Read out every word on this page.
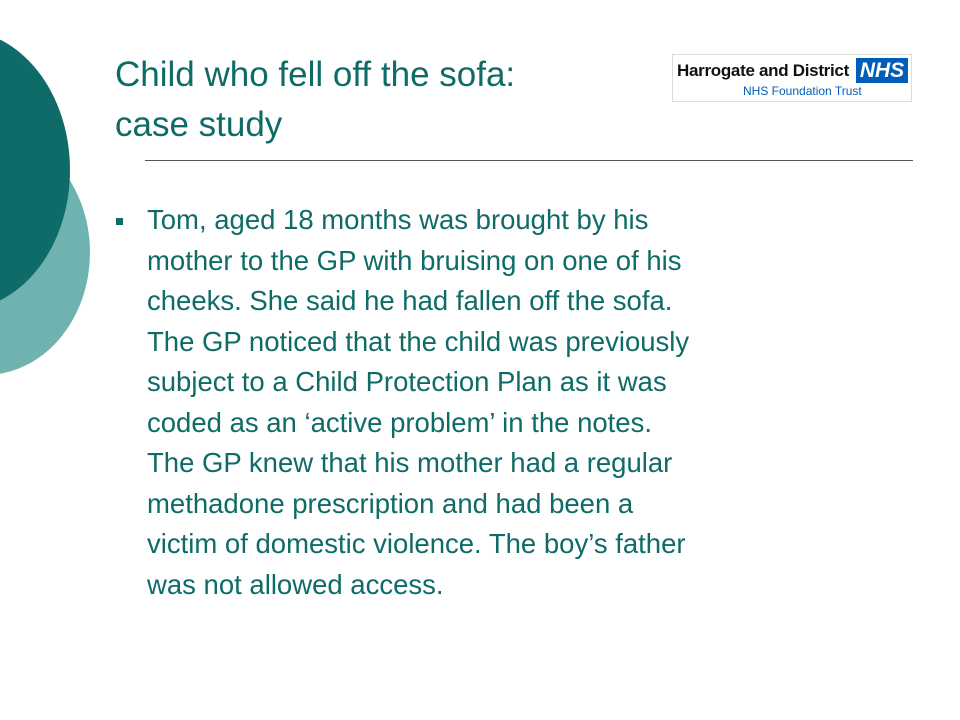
Child who fell off the sofa:
case study
Harrogate and District NHS
NHS Foundation Trust

Tom, aged 18 months was brought by his
mother to the GP with bruising on one of his
cheeks. She said he had fallen off the sofa.
The GP noticed that the child was previously
subject to a Child Protection Plan as it was
coded as an ‘active problem’ in the notes.
The GP knew that his mother had a regular
methadone prescription and had been a
victim of domestic violence. The boy’s father
was not allowed access.
